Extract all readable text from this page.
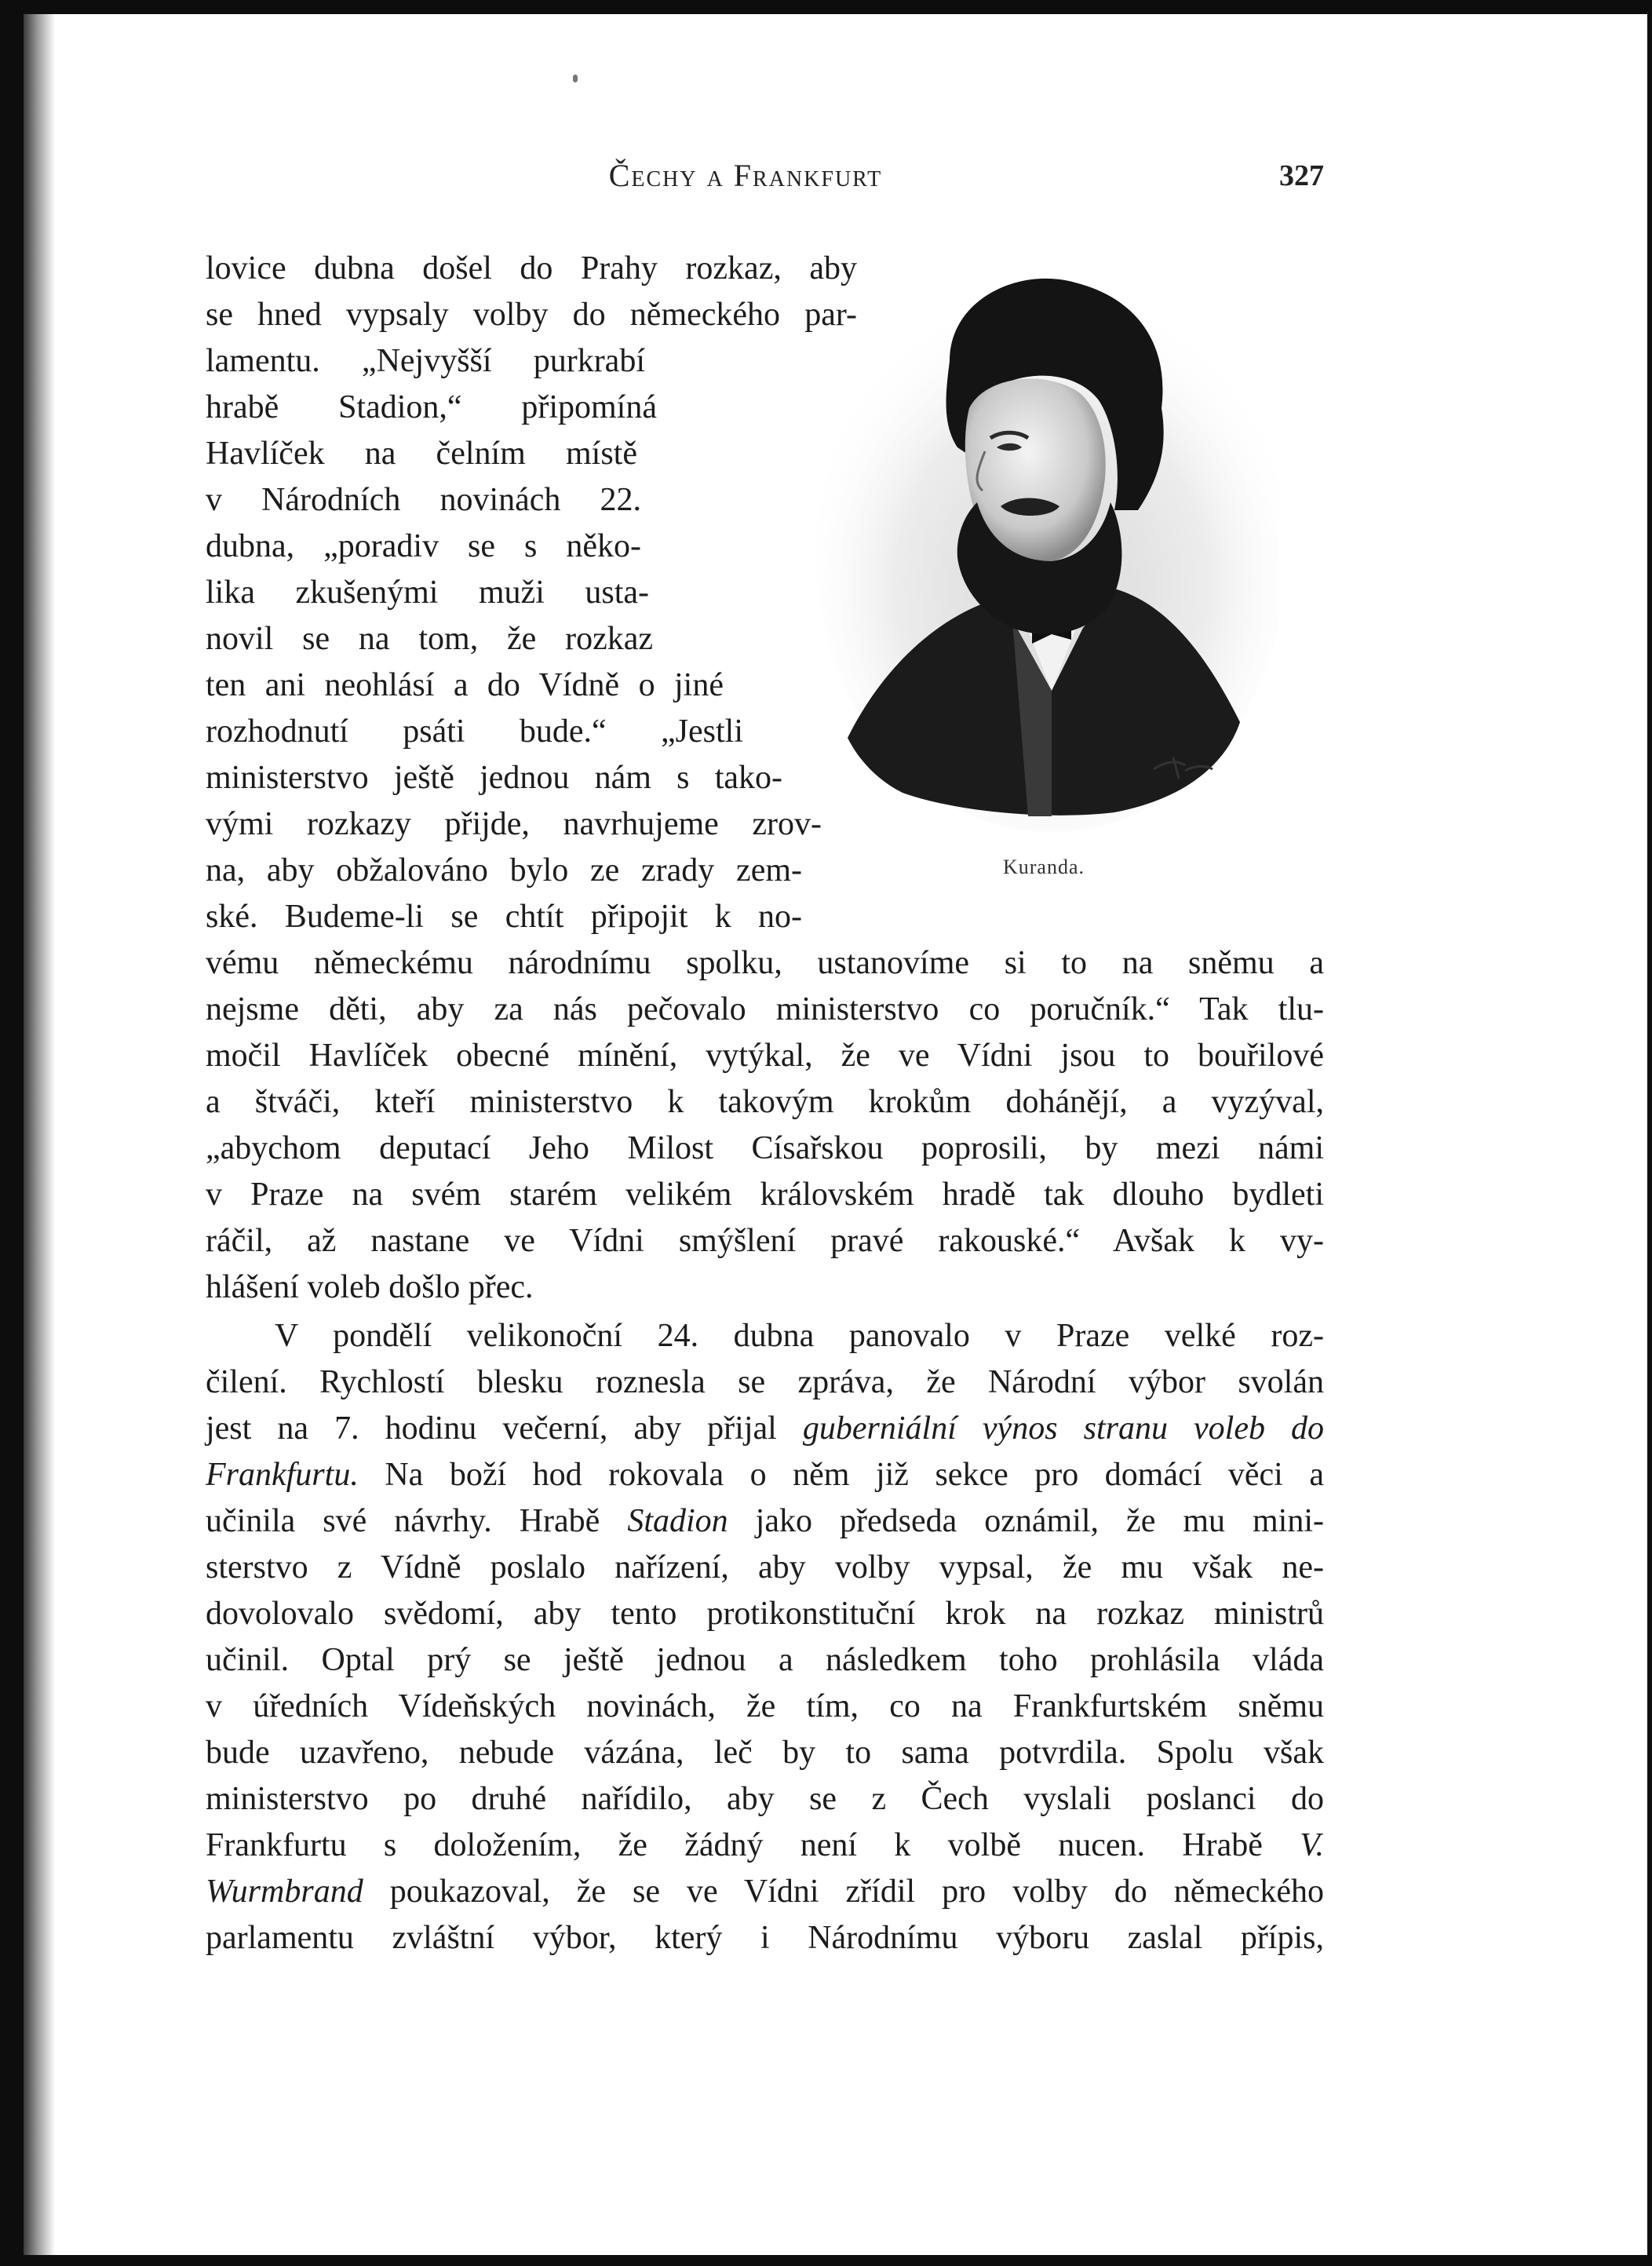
Čechy a Frankfurt	327
Kuranda.
lovice dubna došel do Prahy rozkaz, aby
se hned vypsaly volby do německého par-
lamentu. „Nejvyšší purkrabí
hrabě Stadion,“ připomíná
Havlíček na čelním místě
v Národních novinách 22.
dubna, „poradiv se s něko-
lika zkušenými muži usta-
novil se na tom, že rozkaz
ten ani neohlásí a do Vídně o jiné
rozhodnutí psáti bude.“ „Jestli
ministerstvo ještě jednou nám s tako-
vými rozkazy přijde, navrhujeme zrov-
na, aby obžalováno bylo ze zrady zem-
ské. Budeme-li se chtít připojit k no-
vému německému národnímu spolku, ustanovíme si to na sněmu a
nejsme děti, aby za nás pečovalo ministerstvo co poručník.“ Tak tlu-
močil Havlíček obecné mínění, vytýkal, že ve Vídni jsou to bouřilové
a štváči, kteří ministerstvo k takovým krokům dohánějí, a vyzýval,
„abychom deputací Jeho Milost Císařskou poprosili, by mezi námi
v Praze na svém starém velikém královském hradě tak dlouho bydleti
ráčil, až nastane ve Vídni smýšlení pravé rakouské.“ Avšak k vy-
hlášení voleb došlo přec.
V pondělí velikonoční 24. dubna panovalo v Praze velké roz-
čilení. Rychlostí blesku roznesla se zpráva, že Národní výbor svolán
jest na 7. hodinu večerní, aby přijal guberniální výnos stranu voleb do
Frankfurtu. Na boží hod rokovala o něm již sekce pro domácí věci a
učinila své návrhy. Hrabě Stadion jako předseda oznámil, že mu mini-
sterstvo z Vídně poslalo nařízení, aby volby vypsal, že mu však ne-
dovolovalo svědomí, aby tento protikonstituční krok na rozkaz ministrů
učinil. Optal prý se ještě jednou a následkem toho prohlásila vláda
v úředních Vídeňských novinách, že tím, co na Frankfurtském sněmu
bude uzavřeno, nebude vázána, leč by to sama potvrdila. Spolu však
ministerstvo po druhé nařídilo, aby se z Čech vyslali poslanci do
Frankfurtu s doložením, že žádný není k volbě nucen. Hrabě V.
Wurmbrand poukazoval, že se ve Vídni zřídil pro volby do německého
parlamentu zvláštní výbor, který i Národnímu výboru zaslal přípis,
